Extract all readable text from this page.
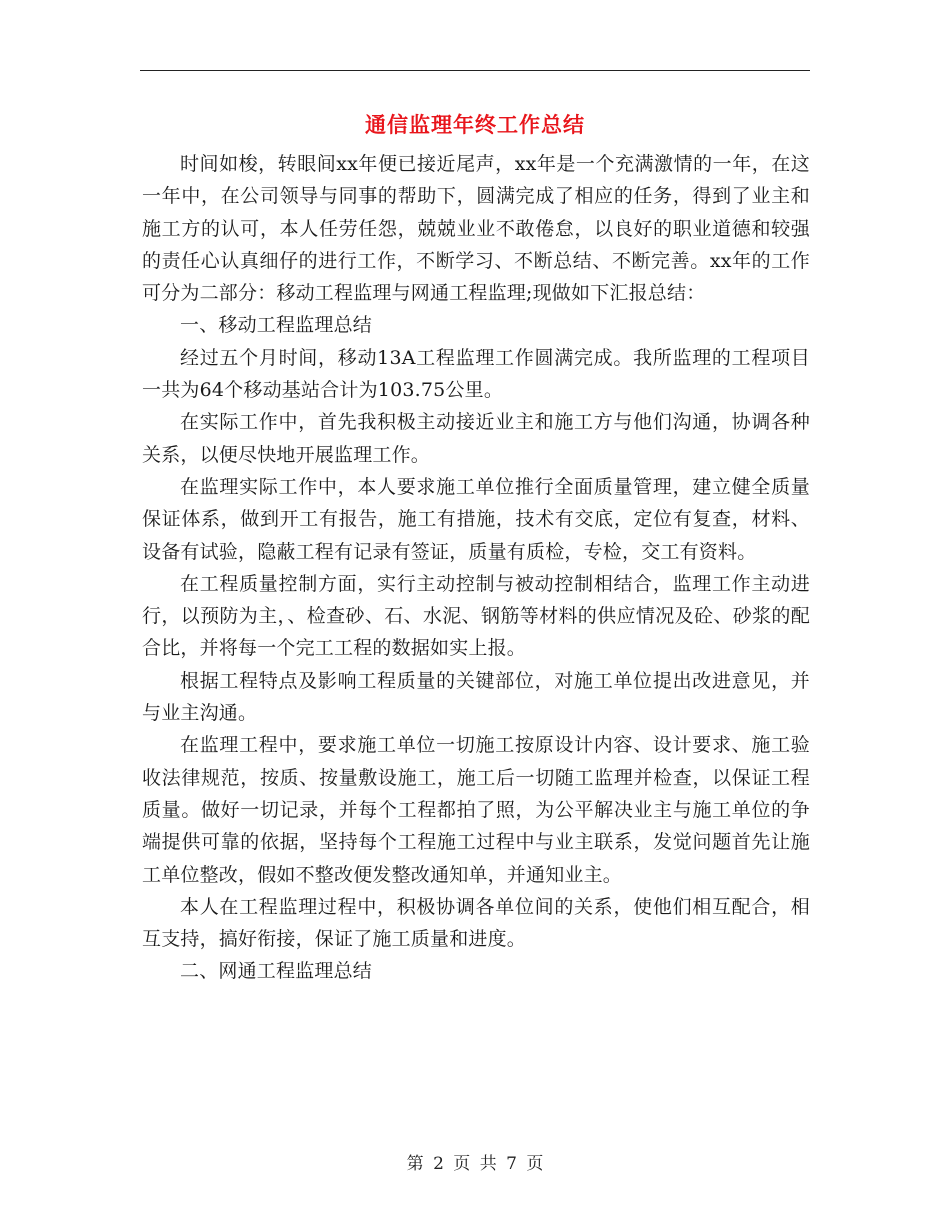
通信监理年终工作总结

时间如梭，转眼间xx年便已接近尾声，xx年是一个充满激情的一年，在这一年中，在公司领导与同事的帮助下，圆满完成了相应的任务，得到了业主和施工方的认可，本人任劳任怨，兢兢业业不敢倦怠，以良好的职业道德和较强的责任心认真细仔的进行工作，不断学习、不断总结、不断完善。xx年的工作可分为二部分：移动工程监理与网通工程监理;现做如下汇报总结：

一、移动工程监理总结

经过五个月时间，移动13A工程监理工作圆满完成。我所监理的工程项目一共为64个移动基站合计为103.75公里。

在实际工作中，首先我积极主动接近业主和施工方与他们沟通，协调各种关系，以便尽快地开展监理工作。

在监理实际工作中，本人要求施工单位推行全面质量管理，建立健全质量保证体系，做到开工有报告，施工有措施，技术有交底，定位有复查，材料、设备有试验，隐蔽工程有记录有签证，质量有质检，专检，交工有资料。

在工程质量控制方面，实行主动控制与被动控制相结合，监理工作主动进行，以预防为主，、检查砂、石、水泥、钢筋等材料的供应情况及砼、砂浆的配合比，并将每一个完工工程的数据如实上报。

根据工程特点及影响工程质量的关键部位，对施工单位提出改进意见，并与业主沟通。

在监理工程中，要求施工单位一切施工按原设计内容、设计要求、施工验收法律规范，按质、按量敷设施工，施工后一切随工监理并检查，以保证工程质量。做好一切记录，并每个工程都拍了照，为公平解决业主与施工单位的争端提供可靠的依据，坚持每个工程施工过程中与业主联系，发觉问题首先让施工单位整改，假如不整改便发整改通知单，并通知业主。

本人在工程监理过程中，积极协调各单位间的关系，使他们相互配合，相互支持，搞好衔接，保证了施工质量和进度。

二、网通工程监理总结

第 2 页 共 7 页
